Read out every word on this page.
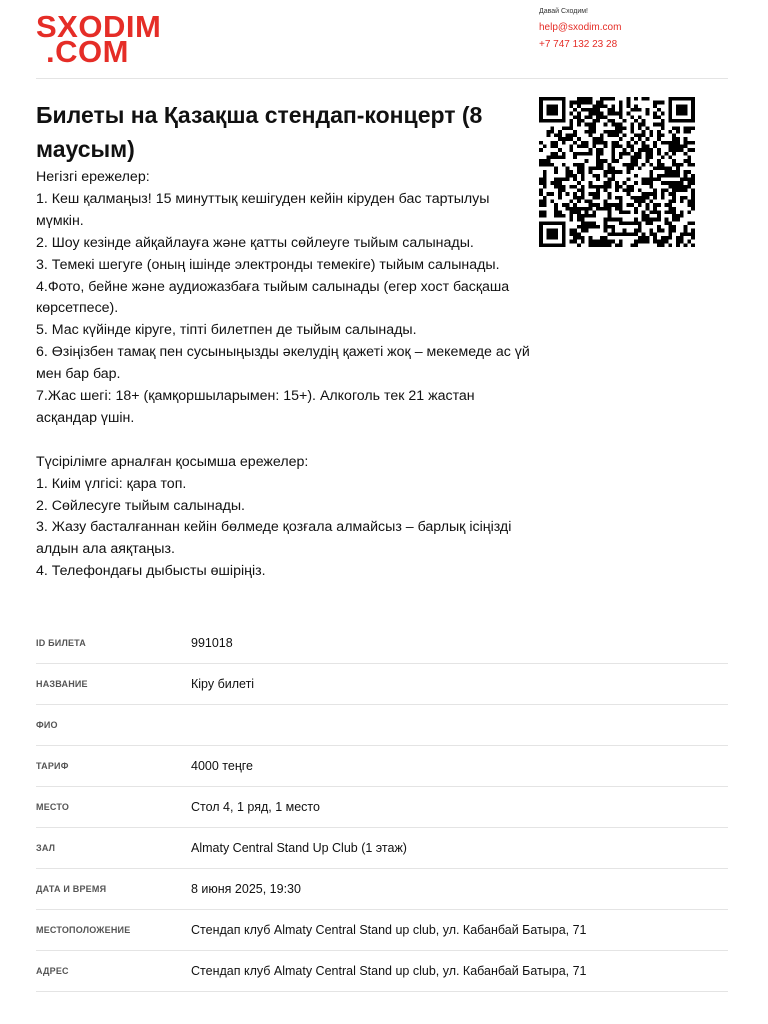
SXODIM
.COM
Давай Сходим!
help@sxodim.com
+7 747 132 23 28
Билеты на Қазақша стендап-концерт (8 маусым)
Негізгі ережелер:
1. Кеш қалмаңыз! 15 минуттық кешігуден кейін кіруден бас тартылуы мүмкін.
2. Шоу кезінде айқайлауға және қатты сөйлеуге тыйым салынады.
3. Темекі шегуге (оның ішінде электронды темекіге) тыйым салынады.
4.Фото, бейне және аудиожазбаға тыйым салынады (егер хост басқаша көрсетпесе).
5. Мас күйінде кіруге, тіпті билетпен де тыйым салынады.
6. Өзіңізбен тамақ пен сусыныңызды әкелудің қажеті жоқ – мекемеде ас үй мен бар бар.
7.Жас шегі: 18+ (қамқоршыларымен: 15+). Алкоголь тек 21 жастан асқандар үшін.
Түсірілімге арналған қосымша ережелер:
1. Киім үлгісі: қара топ.
2. Сөйлесуге тыйым салынады.
3. Жазу басталғаннан кейін бөлмеде қозғала алмайсыз – барлық ісіңізді алдын ала аяқтаңыз.
4. Телефондағы дыбысты өшіріңіз.
ID БИЛЕТА	991018
НАЗВАНИЕ	Кіру билеті
ФИО
ТАРИФ	4000 теңге
МЕСТО	Стол 4, 1 ряд, 1 место
ЗАЛ	Almaty Central Stand Up Club (1 этаж)
ДАТА И ВРЕМЯ	8 июня 2025, 19:30
МЕСТОПОЛОЖЕНИЕ	Стендап клуб Almaty Central Stand up club, ул. Кабанбай Батыра, 71
АДРЕС	Стендап клуб Almaty Central Stand up club, ул. Кабанбай Батыра, 71
